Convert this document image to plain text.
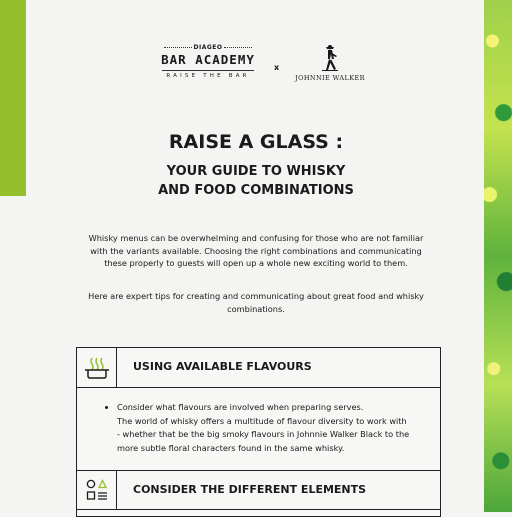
DIAGEO
BAR ACADEMY
RAISE THE BAR
x
JOHNNIE WALKER
RAISE A GLASS :
YOUR GUIDE TO WHISKY
AND FOOD COMBINATIONS
Whisky menus can be overwhelming and confusing for those who are not familiar with the variants available. Choosing the right combinations and communicating these properly to guests will open up a whole new exciting world to them.
Here are expert tips for creating and communicating about great food and whisky combinations.
USING AVAILABLE FLAVOURS
• Consider what flavours are involved when preparing serves.
The world of whisky offers a multitude of flavour diversity to work with - whether that be the big smoky flavours in Johnnie Walker Black to the more subtle floral characters found in the same whisky.
CONSIDER THE DIFFERENT ELEMENTS
